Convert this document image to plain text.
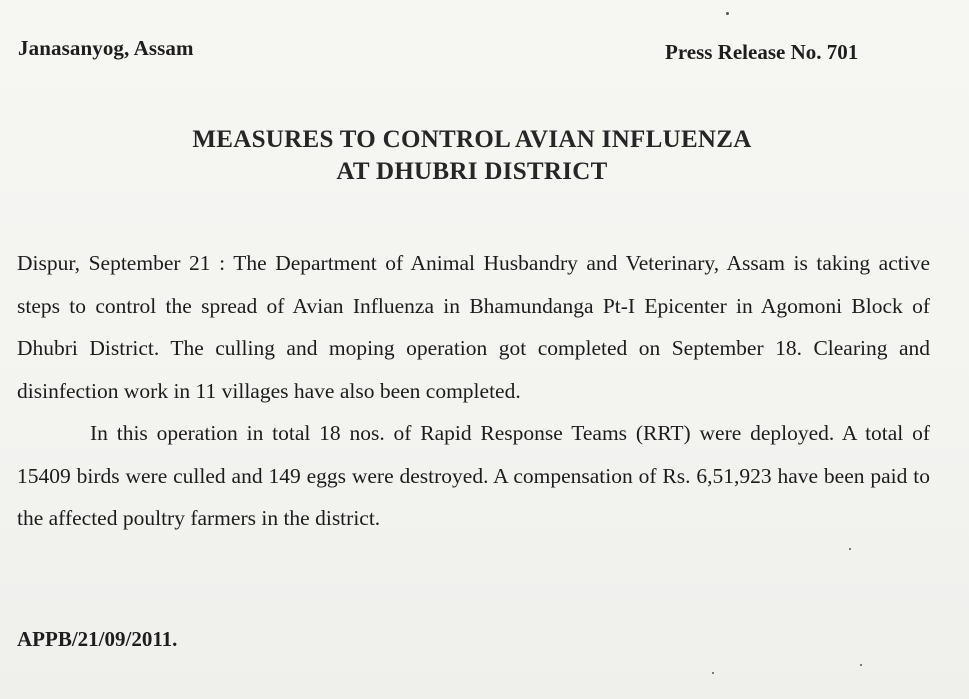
Janasanyog, Assam	Press Release No. 701
MEASURES TO CONTROL AVIAN INFLUENZA
AT DHUBRI DISTRICT

Dispur, September 21 : The Department of Animal Husbandry and Veterinary, Assam is taking active steps to control the spread of Avian Influenza in Bhamundanga Pt-I Epicenter in Agomoni Block of Dhubri District. The culling and moping operation got completed on September 18. Clearing and disinfection work in 11 villages have also been completed.

In this operation in total 18 nos. of Rapid Response Teams (RRT) were deployed. A total of 15409 birds were culled and 149 eggs were destroyed. A compensation of Rs. 6,51,923 have been paid to the affected poultry farmers in the district.

APPB/21/09/2011.
